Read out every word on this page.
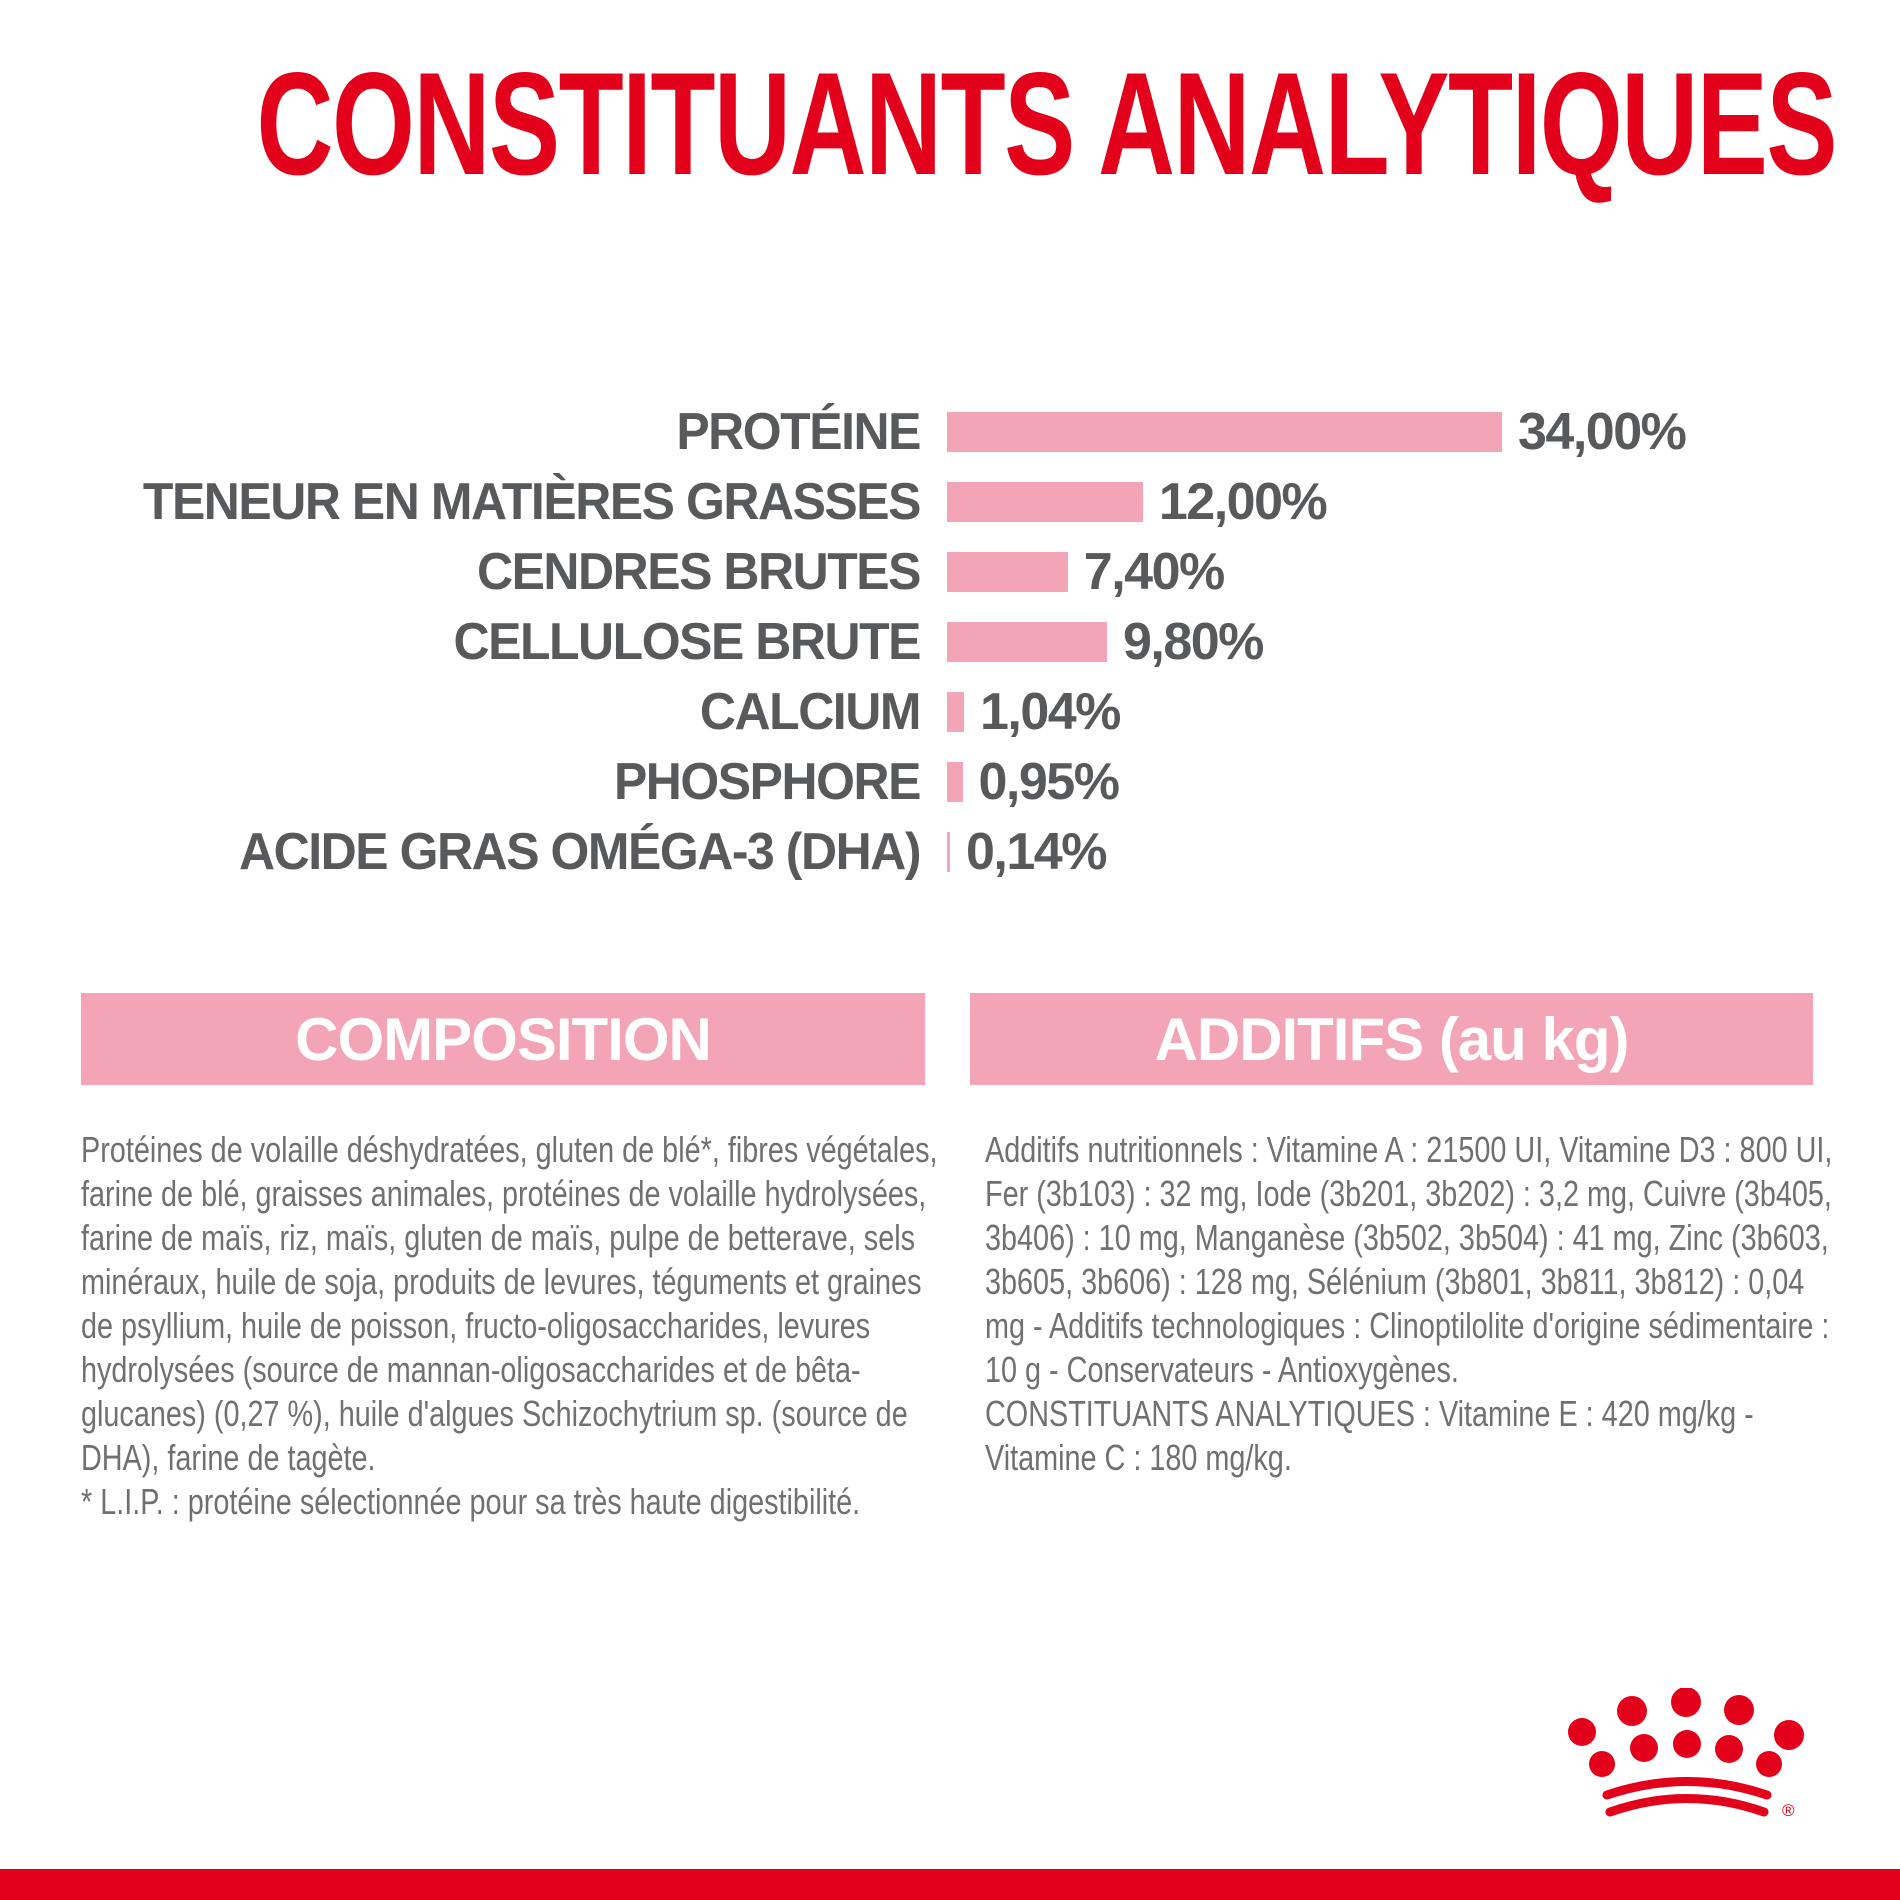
CONSTITUANTS ANALYTIQUES
PROTÉINE	34,00%
TENEUR EN MATIÈRES GRASSES	12,00%
CENDRES BRUTES	7,40%
CELLULOSE BRUTE	9,80%
CALCIUM 1,04%
PHOSPHORE 0,95%
ACIDE GRAS OMÉGA-3 (DHA) 0,14%
COMPOSITION	ADDITIFS (au kg)

Protéines de volaille déshydratées, gluten de blé*, fibres végétales, farine de blé, graisses animales, protéines de volaille hydrolysées, farine de maïs, riz, maïs, gluten de maïs, pulpe de betterave, sels minéraux, huile de soja, produits de levures, téguments et graines de psyllium, huile de poisson, fructo-oligosaccharides, levures hydrolysées (source de mannan-oligosaccharides et de bêta-glucanes) (0,27 %), huile d'algues Schizochytrium sp. (source de DHA), farine de tagète.

* L.I.P. : protéine sélectionnée pour sa très haute digestibilité.

Additifs nutritionnels : Vitamine A : 21500 UI, Vitamine D3 : 800 UI, Fer (3b103) : 32 mg, Iode (3b201, 3b202) : 3,2 mg, Cuivre (3b405, 3b406) : 10 mg, Manganèse (3b502, 3b504) : 41 mg, Zinc (3b603, 3b605, 3b606) : 128 mg, Sélénium (3b801, 3b811, 3b812) : 0,04 mg - Additifs technologiques : Clinoptilolite d'origine sédimentaire : 10 g - Conservateurs - Antioxygènes.

CONSTITUANTS ANALYTIQUES : Vitamine E : 420 mg/kg - Vitamine C : 180 mg/kg.

®
